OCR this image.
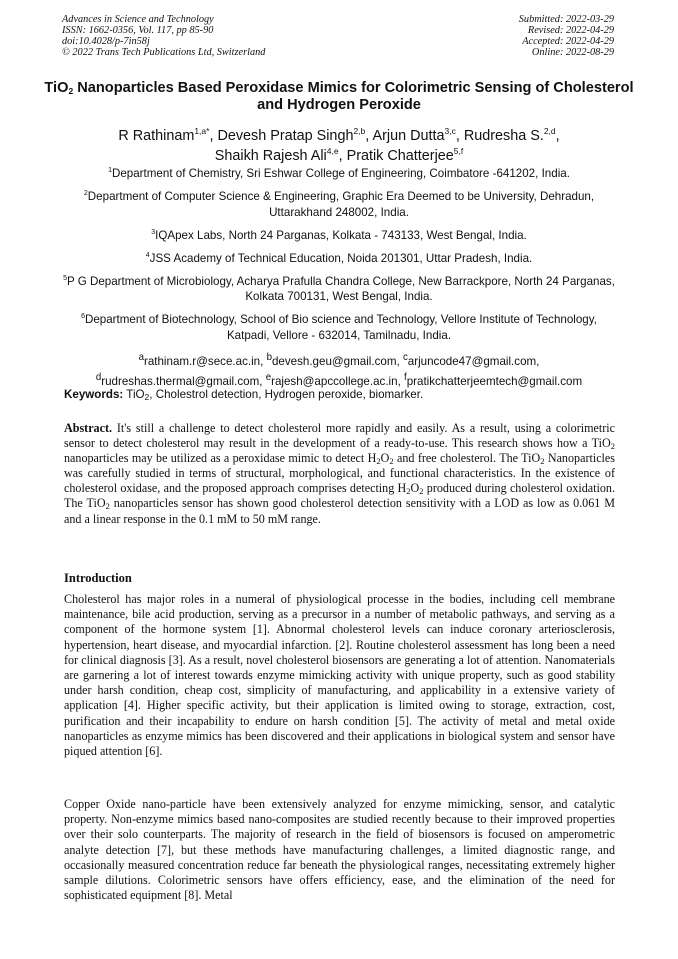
Advances in Science and Technology
ISSN: 1662-0356, Vol. 117, pp 85-90
doi:10.4028/p-7in58j
© 2022 Trans Tech Publications Ltd, Switzerland
Submitted: 2022-03-29
Revised: 2022-04-29
Accepted: 2022-04-29
Online: 2022-08-29
TiO$_2$ Nanoparticles Based Peroxidase Mimics for Colorimetric Sensing of Cholesterol and Hydrogen Peroxide
R Rathinam$^{1,a*}$, Devesh Pratap Singh$^{2,b}$, Arjun Dutta$^{3,c}$, Rudresha S.$^{2,d}$,
Shaikh Rajesh Ali$^{4,e}$, Pratik Chatterjee$^{5,f}$
$^1$Department of Chemistry, Sri Eshwar College of Engineering, Coimbatore -641202, India.
$^2$Department of Computer Science & Engineering, Graphic Era Deemed to be University, Dehradun, Uttarakhand 248002, India.
$^3$IQApex Labs, North 24 Parganas, Kolkata - 743133, West Bengal, India.
$^4$JSS Academy of Technical Education, Noida 201301, Uttar Pradesh, India.
$^5$P G Department of Microbiology, Acharya Prafulla Chandra College, New Barrackpore, North 24 Parganas, Kolkata 700131, West Bengal, India.
$^6$Department of Biotechnology, School of Bio science and Technology, Vellore Institute of Technology, Katpadi, Vellore - 632014, Tamilnadu, India.
$^a$rathinam.r@sece.ac.in, $^b$devesh.geu@gmail.com, $^c$arjuncode47@gmail.com,
$^d$rudreshas.thermal@gmail.com, $^e$rajesh@apccollege.ac.in, $^f$pratikchatterjeemtech@gmail.com
Keywords: TiO$_2$, Cholestrol detection, Hydrogen peroxide, biomarker.
Abstract. It's still a challenge to detect cholesterol more rapidly and easily. As a result, using a colorimetric sensor to detect cholesterol may result in the development of a ready-to-use. This research shows how a TiO$_2$ nanoparticles may be utilized as a peroxidase mimic to detect $H_2O_2$ and free cholesterol. The TiO$_2$ Nanoparticles was carefully studied in terms of structural, morphological, and functional characteristics. In the existence of cholesterol oxidase, and the proposed approach comprises detecting $H_2O_2$ produced during cholesterol oxidation. The TiO$_2$ nanoparticles sensor has shown good cholesterol detection sensitivity with a LOD as low as 0.061 M and a linear response in the 0.1 mM to 50 mM range.
Introduction
Cholesterol has major roles in a numeral of physiological processe in the bodies, including cell membrane maintenance, bile acid production, serving as a precursor in a number of metabolic pathways, and serving as a component of the hormone system [1]. Abnormal cholesterol levels can induce coronary arteriosclerosis, hypertension, heart disease, and myocardial infarction. [2]. Routine cholesterol assessment has long been a need for clinical diagnosis [3]. As a result, novel cholesterol biosensors are generating a lot of attention. Nanomaterials are garnering a lot of interest towards enzyme mimicking activity with unique property, such as good stability under harsh condition, cheap cost, simplicity of manufacturing, and applicability in a extensive variety of application [4]. Higher specific activity, but their application is limited owing to storage, extraction, cost, purification and their incapability to endure on harsh condition [5]. The activity of metal and metal oxide nanoparticles as enzyme mimics has been discovered and their applications in biological system and sensor have piqued attention [6].
Copper Oxide nano-particle have been extensively analyzed for enzyme mimicking, sensor, and catalytic property. Non-enzyme mimics based nano-composites are studied recently because to their improved properties over their solo counterparts. The majority of research in the field of biosensors is focused on amperometric analyte detection [7], but these methods have manufacturing challenges, a limited diagnostic range, and occasionally measured concentration reduce far beneath the physiological ranges, necessitating extremely higher sample dilutions. Colorimetric sensors have offers efficiency, ease, and the elimination of the need for sophisticated equipment [8]. Metal
